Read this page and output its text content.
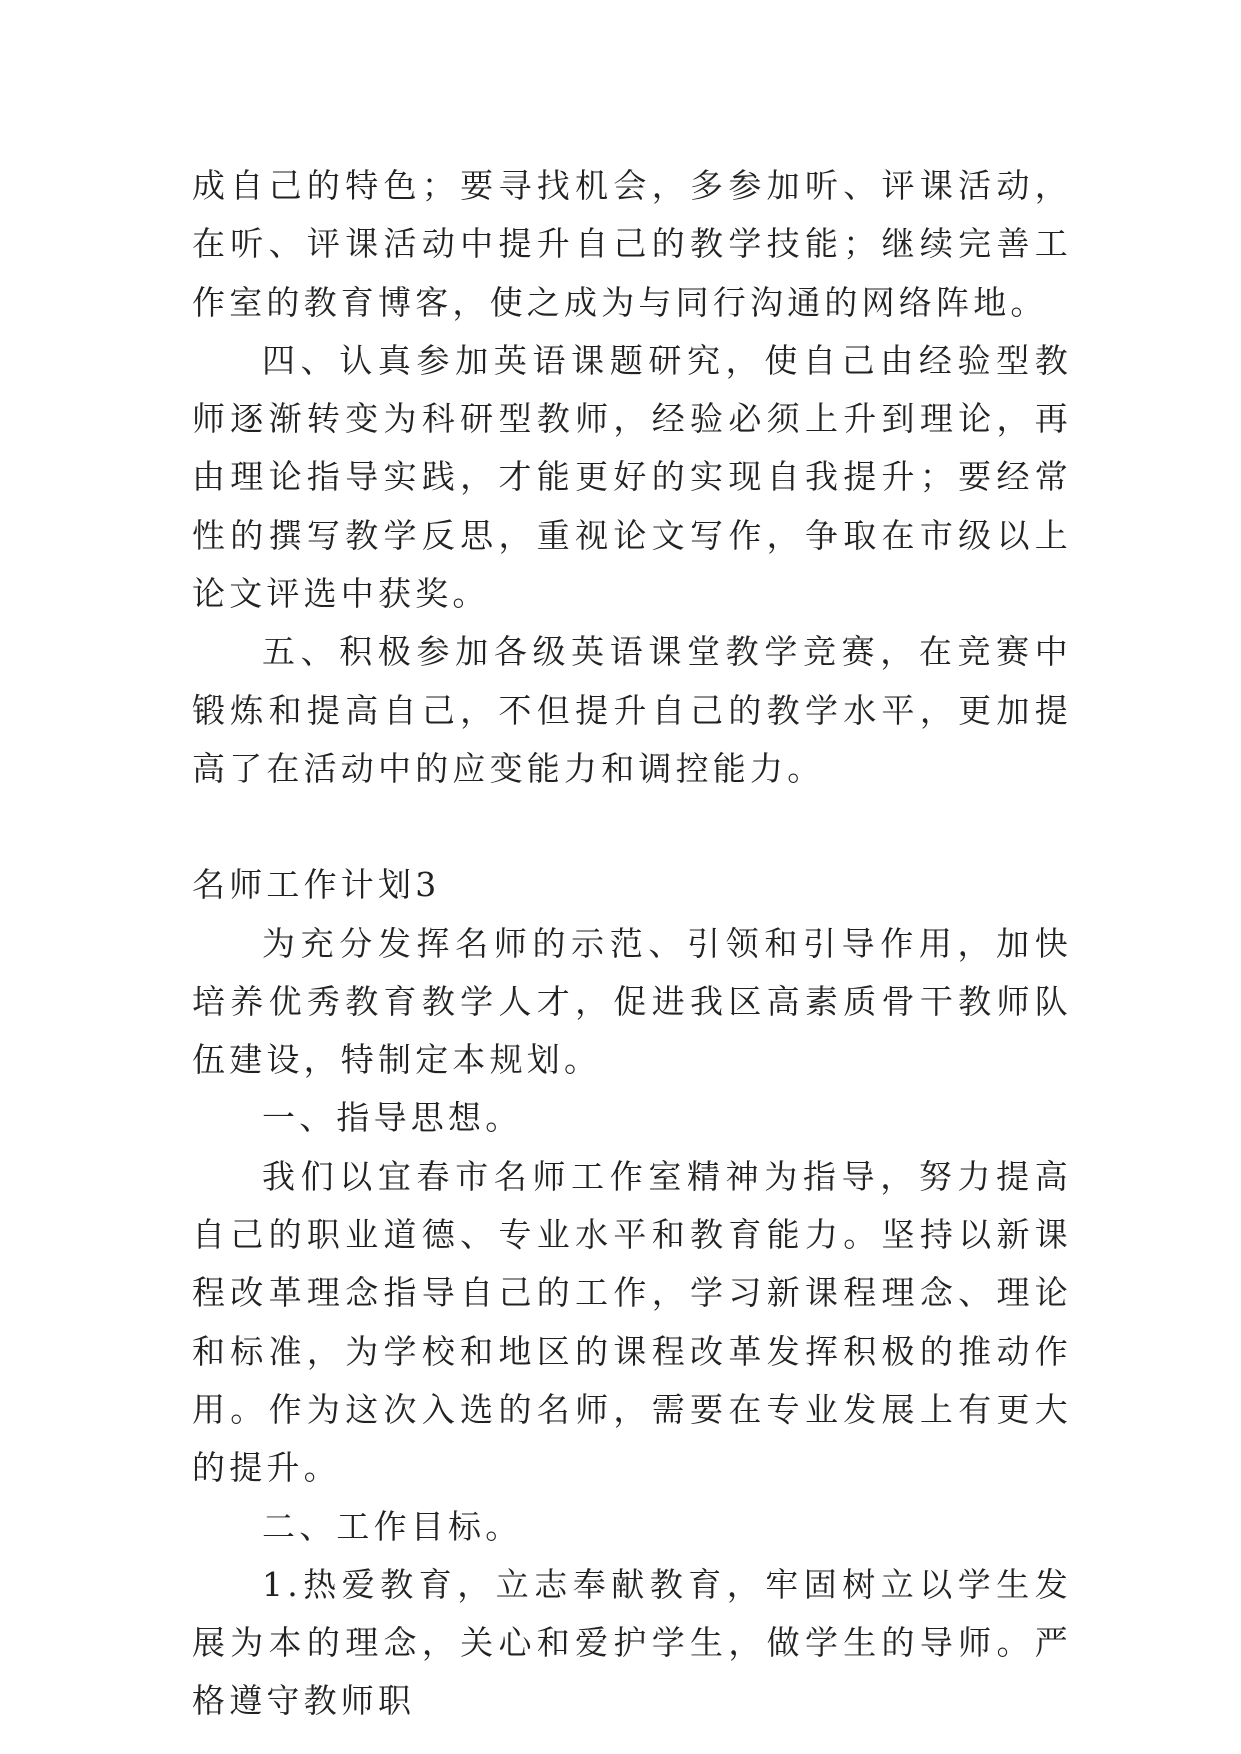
成自己的特色；要寻找机会，多参加听、评课活动，在听、评课活动中提升自己的教学技能；继续完善工作室的教育博客，使之成为与同行沟通的网络阵地。

四、认真参加英语课题研究，使自己由经验型教师逐渐转变为科研型教师，经验必须上升到理论，再由理论指导实践，才能更好的实现自我提升；要经常性的撰写教学反思，重视论文写作，争取在市级以上论文评选中获奖。

五、积极参加各级英语课堂教学竞赛，在竞赛中锻炼和提高自己，不但提升自己的教学水平，更加提高了在活动中的应变能力和调控能力。

名师工作计划3

为充分发挥名师的示范、引领和引导作用，加快培养优秀教育教学人才，促进我区高素质骨干教师队伍建设，特制定本规划。

一、指导思想。

我们以宜春市名师工作室精神为指导，努力提高自己的职业道德、专业水平和教育能力。坚持以新课程改革理念指导自己的工作，学习新课程理念、理论和标准，为学校和地区的课程改革发挥积极的推动作用。作为这次入选的名师，需要在专业发展上有更大的提升。

二、工作目标。

1.热爱教育，立志奉献教育，牢固树立以学生发展为本的理念，关心和爱护学生，做学生的导师。严格遵守教师职
